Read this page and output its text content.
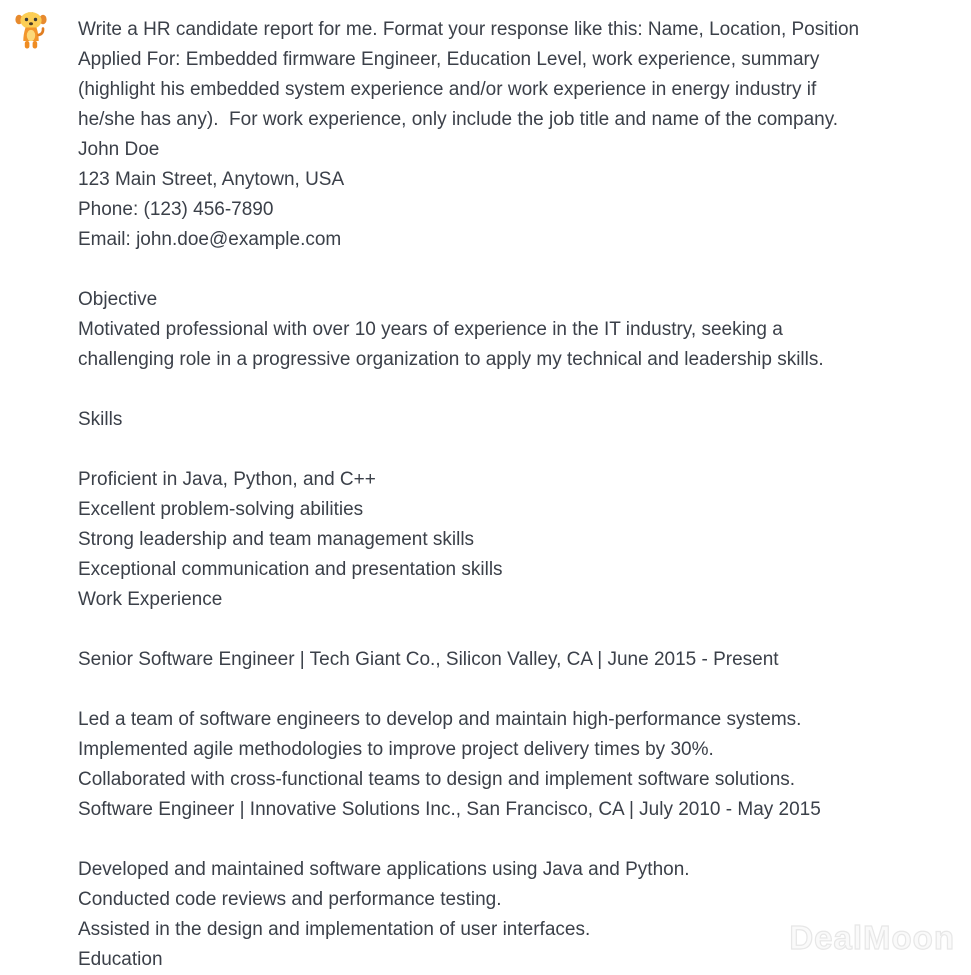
Write a HR candidate report for me. Format your response like this: Name, Location, Position
Applied For: Embedded firmware Engineer, Education Level, work experience, summary
(highlight his embedded system experience and/or work experience in energy industry if
he/she has any).  For work experience, only include the job title and name of the company.
John Doe
123 Main Street, Anytown, USA
Phone: (123) 456-7890
Email: john.doe@example.com
Objective
Motivated professional with over 10 years of experience in the IT industry, seeking a
challenging role in a progressive organization to apply my technical and leadership skills.
Skills
Proficient in Java, Python, and C++
Excellent problem-solving abilities
Strong leadership and team management skills
Exceptional communication and presentation skills
Work Experience
Senior Software Engineer | Tech Giant Co., Silicon Valley, CA | June 2015 - Present
Led a team of software engineers to develop and maintain high-performance systems.
Implemented agile methodologies to improve project delivery times by 30%.
Collaborated with cross-functional teams to design and implement software solutions.
Software Engineer | Innovative Solutions Inc., San Francisco, CA | July 2010 - May 2015
Developed and maintained software applications using Java and Python.
Conducted code reviews and performance testing.
Assisted in the design and implementation of user interfaces.
Education
DealMoon
